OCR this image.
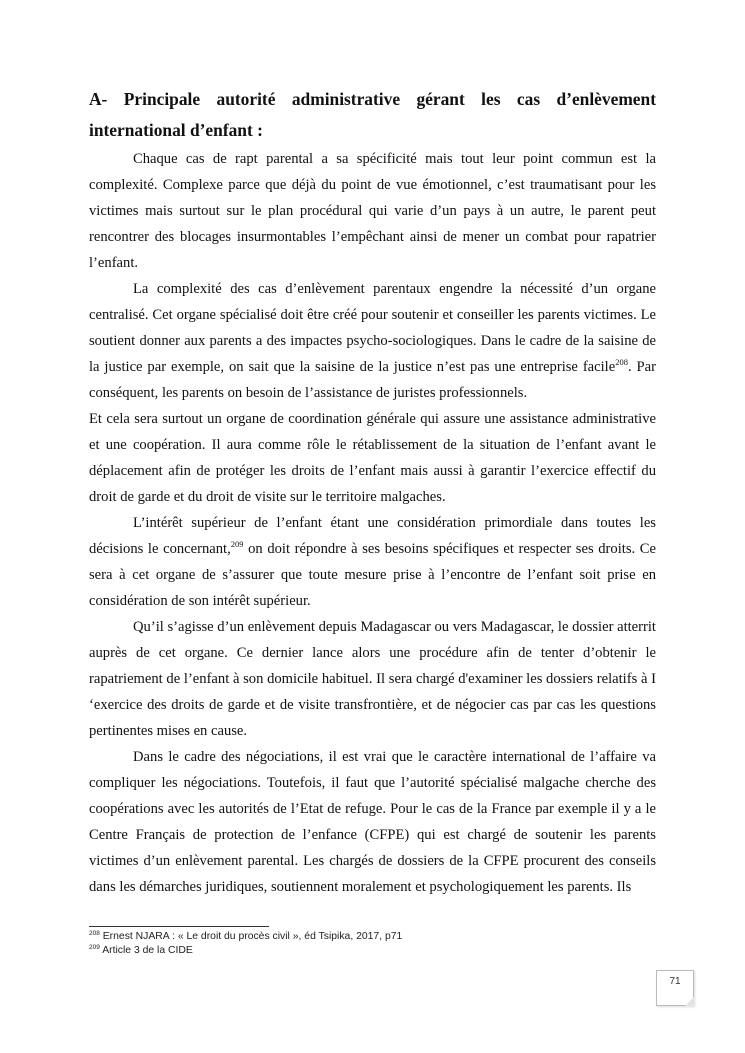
A- Principale autorité administrative gérant les cas d’enlèvement international d’enfant :

Chaque cas de rapt parental a sa spécificité mais tout leur point commun est la complexité. Complexe parce que déjà du point de vue émotionnel, c’est traumatisant pour les victimes mais surtout sur le plan procédural qui varie d’un pays à un autre, le parent peut rencontrer des blocages insurmontables l’empêchant ainsi de mener un combat pour rapatrier l’enfant.

La complexité des cas d’enlèvement parentaux engendre la nécessité d’un organe centralisé. Cet organe spécialisé doit être créé pour soutenir et conseiller les parents victimes. Le soutient donner aux parents a des impactes psycho-sociologiques. Dans le cadre de la saisine de la justice par exemple, on sait que la saisine de la justice n’est pas une entreprise facile$^{208}$. Par conséquent, les parents on besoin de l’assistance de juristes professionnels.

Et cela sera surtout un organe de coordination générale qui assure une assistance administrative et une coopération. Il aura comme rôle le rétablissement de la situation de l’enfant avant le déplacement afin de protéger les droits de l’enfant mais aussi à garantir l’exercice effectif du droit de garde et du droit de visite sur le territoire malgaches.

L’intérêt supérieur de l’enfant étant une considération primordiale dans toutes les décisions le concernant,$^{209}$ on doit répondre à ses besoins spécifiques et respecter ses droits. Ce sera à cet organe de s’assurer que toute mesure prise à l’encontre de l’enfant soit prise en considération de son intérêt supérieur.

Qu’il s’agisse d’un enlèvement depuis Madagascar ou vers Madagascar, le dossier atterrit auprès de cet organe. Ce dernier lance alors une procédure afin de tenter d’obtenir le rapatriement de l’enfant à son domicile habituel. Il sera chargé d'examiner les dossiers relatifs à I ‘exercice des droits de garde et de visite transfrontière, et de négocier cas par cas les questions pertinentes mises en cause.

Dans le cadre des négociations, il est vrai que le caractère international de l’affaire va compliquer les négociations. Toutefois, il faut que l’autorité spécialisé malgache cherche des coopérations avec les autorités de l’Etat de refuge. Pour le cas de la France par exemple il y a le Centre Français de protection de l’enfance (CFPE) qui est chargé de soutenir les parents victimes d’un enlèvement parental. Les chargés de dossiers de la CFPE procurent des conseils dans les démarches juridiques, soutiennent moralement et psychologiquement les parents. Ils

$^{208}$ Ernest NJARA : « Le droit du procès civil », éd Tsipika, 2017, p71
$^{209}$ Article 3 de la CIDE
71
